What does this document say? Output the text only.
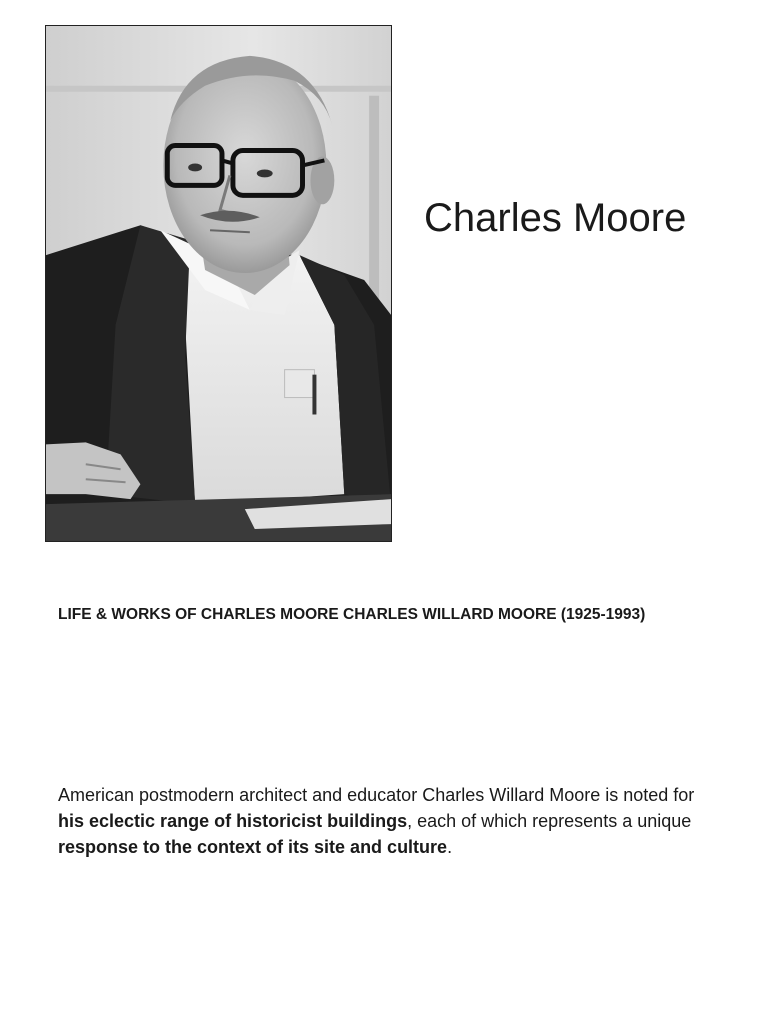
Charles Moore
LIFE & WORKS OF CHARLES MOORE CHARLES WILLARD MOORE (1925-1993)

American postmodern architect and educator Charles Willard Moore is noted for his eclectic range of historicist buildings, each of which represents a unique response to the context of its site and culture.
